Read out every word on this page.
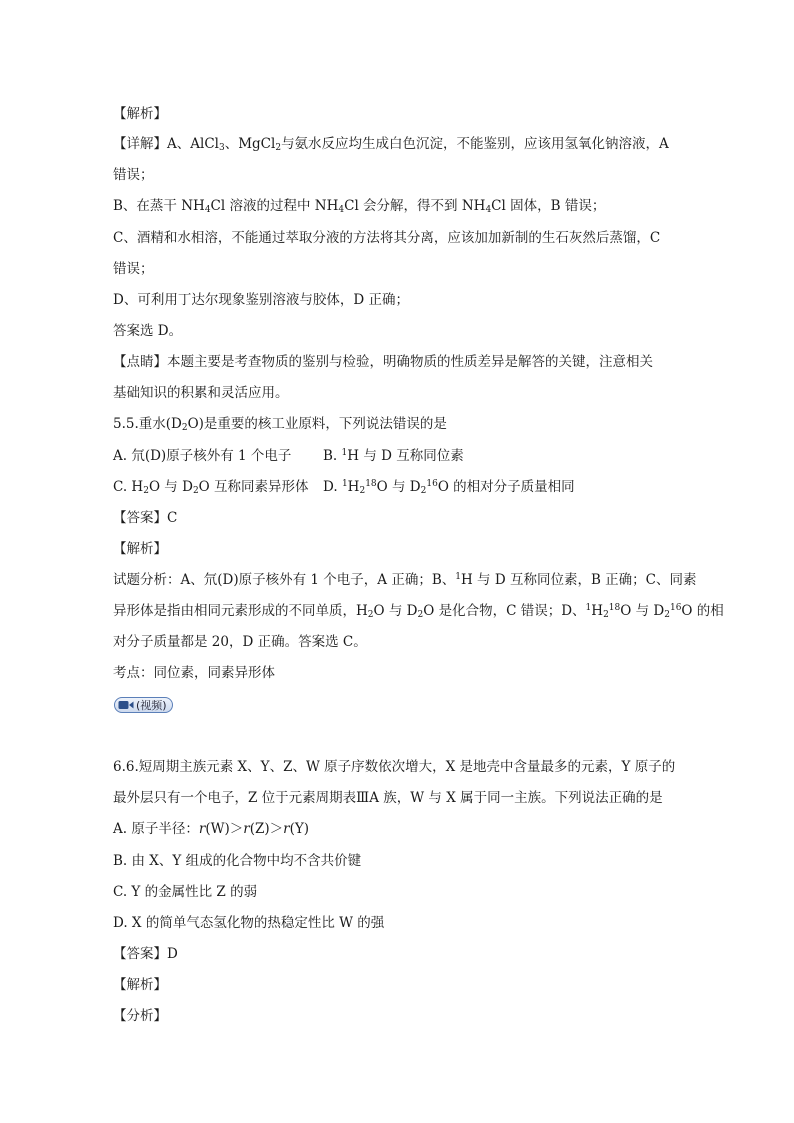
【解析】
【详解】A、AlCl$_3$、MgCl$_2$与氨水反应均生成白色沉淀，不能鉴别，应该用氢氧化钠溶液，A
错误；
B、在蒸干 $NH_4Cl$ 溶液的过程中 $NH_4Cl$ 会分解，得不到 $NH_4Cl$ 固体，B 错误；
C、酒精和水相溶，不能通过萃取分液的方法将其分离，应该加加新制的生石灰然后蒸馏，C
错误；
D、可利用丁达尔现象鉴别溶液与胶体，D 正确；
答案选 D。
【点睛】本题主要是考查物质的鉴别与检验，明确物质的性质差异是解答的关键，注意相关
基础知识的积累和灵活应用。
5.5.重水$(D_2O)$是重要的核工业原料，下列说法错误的是
A. 氘(D)原子核外有 1 个电子 B. $^1$H 与 D 互称同位素
C. $H_2O$ 与 $D_2O$ 互称同素异形体 D. $^1H_2^{18}O$ 与 $D_2^{16}O$ 的相对分子质量相同
【答案】C
【解析】
试题分析：A、氘(D)原子核外有 1 个电子，A 正确；B、$^1$H 与 D 互称同位素，B 正确；C、同素
异形体是指由相同元素形成的不同单质，$H_2O$ 与 $D_2O$ 是化合物，C 错误；D、$^1H_2^{18}O$ 与 $D_2^{16}O$ 的相
对分子质量都是 20，D 正确。答案选 C。
考点：同位素，同素异形体
(视频)
6.6.短周期主族元素 X、Y、Z、W 原子序数依次增大，X 是地壳中含量最多的元素，Y 原子的
最外层只有一个电子，Z 位于元素周期表ⅢA 族，W 与 X 属于同一主族。下列说法正确的是
A. 原子半径：r(W)＞r(Z)＞r(Y)
B. 由 X、Y 组成的化合物中均不含共价键
C. Y 的金属性比 Z 的弱
D. X 的简单气态氢化物的热稳定性比 W 的强
【答案】D
【解析】
【分析】
